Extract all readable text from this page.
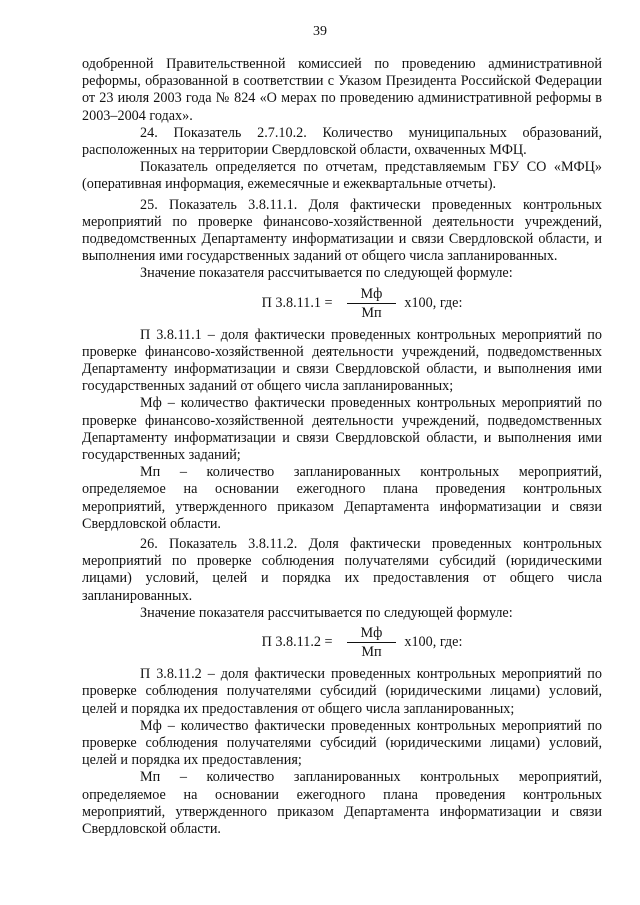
39

одобренной Правительственной комиссией по проведению административной реформы, образованной в соответствии с Указом Президента Российской Федерации от 23 июля 2003 года № 824 «О мерах по проведению административной реформы в 2003–2004 годах».

24. Показатель 2.7.10.2. Количество муниципальных образований, расположенных на территории Свердловской области, охваченных МФЦ.

Показатель определяется по отчетам, представляемым ГБУ СО «МФЦ» (оперативная информация, ежемесячные и ежеквартальные отчеты).

25. Показатель 3.8.11.1. Доля фактически проведенных контрольных мероприятий по проверке финансово-хозяйственной деятельности учреждений, подведомственных Департаменту информатизации и связи Свердловской области, и выполнения ими государственных заданий от общего числа запланированных.

Значение показателя рассчитывается по следующей формуле:

П $3.8.11.1 = \frac{Мф}{Мп} х100$, где:

П 3.8.11.1 – доля фактически проведенных контрольных мероприятий по проверке финансово-хозяйственной деятельности учреждений, подведомственных Департаменту информатизации и связи Свердловской области, и выполнения ими государственных заданий от общего числа запланированных;

Мф – количество фактически проведенных контрольных мероприятий по проверке финансово-хозяйственной деятельности учреждений, подведомственных Департаменту информатизации и связи Свердловской области, и выполнения ими государственных заданий;

Мп – количество запланированных контрольных мероприятий, определяемое на основании ежегодного плана проведения контрольных мероприятий, утвержденного приказом Департамента информатизации и связи Свердловской области.

26. Показатель 3.8.11.2. Доля фактически проведенных контрольных мероприятий по проверке соблюдения получателями субсидий (юридическими лицами) условий, целей и порядка их предоставления от общего числа запланированных.

Значение показателя рассчитывается по следующей формуле:

П $3.8.11.2 = \frac{Мф}{Мп} х100$, где:

П 3.8.11.2 – доля фактически проведенных контрольных мероприятий по проверке соблюдения получателями субсидий (юридическими лицами) условий, целей и порядка их предоставления от общего числа запланированных;

Мф – количество фактически проведенных контрольных мероприятий по проверке соблюдения получателями субсидий (юридическими лицами) условий, целей и порядка их предоставления;

Мп – количество запланированных контрольных мероприятий, определяемое на основании ежегодного плана проведения контрольных мероприятий, утвержденного приказом Департамента информатизации и связи Свердловской области.
